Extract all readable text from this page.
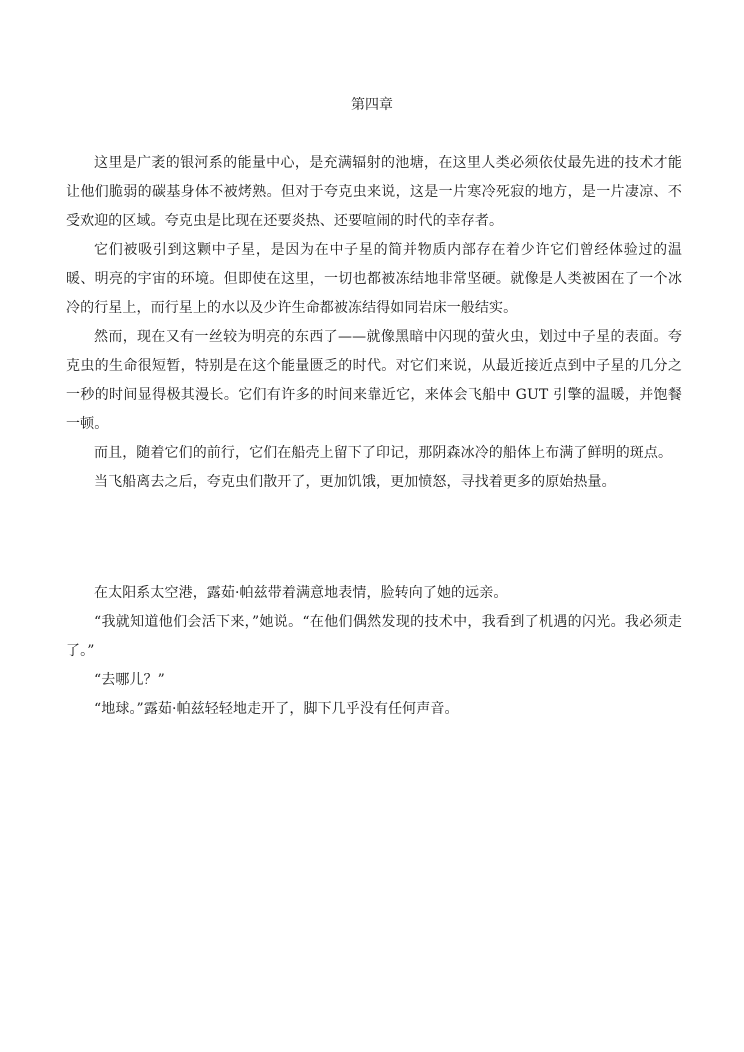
第四章

这里是广袤的银河系的能量中心，是充满辐射的池塘，在这里人类必须依仗最先进的技术才能让他们脆弱的碳基身体不被烤熟。但对于夸克虫来说，这是一片寒冷死寂的地方，是一片凄凉、不受欢迎的区域。夸克虫是比现在还要炎热、还要喧闹的时代的幸存者。

它们被吸引到这颗中子星，是因为在中子星的简并物质内部存在着少许它们曾经体验过的温暖、明亮的宇宙的环境。但即使在这里，一切也都被冻结地非常坚硬。就像是人类被困在了一个冰冷的行星上，而行星上的水以及少许生命都被冻结得如同岩床一般结实。

然而，现在又有一丝较为明亮的东西了——就像黑暗中闪现的萤火虫，划过中子星的表面。夸克虫的生命很短暂，特别是在这个能量匮乏的时代。对它们来说，从最近接近点到中子星的几分之一秒的时间显得极其漫长。它们有许多的时间来靠近它，来体会飞船中 GUT 引擎的温暖，并饱餐一顿。

而且，随着它们的前行，它们在船壳上留下了印记，那阴森冰冷的船体上布满了鲜明的斑点。

当飞船离去之后，夸克虫们散开了，更加饥饿，更加愤怒，寻找着更多的原始热量。

在太阳系太空港，露茹·帕兹带着满意地表情，脸转向了她的远亲。

“我就知道他们会活下来，”她说。“在他们偶然发现的技术中，我看到了机遇的闪光。我必须走了。”

“去哪儿？”

“地球。”露茹·帕兹轻轻地走开了，脚下几乎没有任何声音。
